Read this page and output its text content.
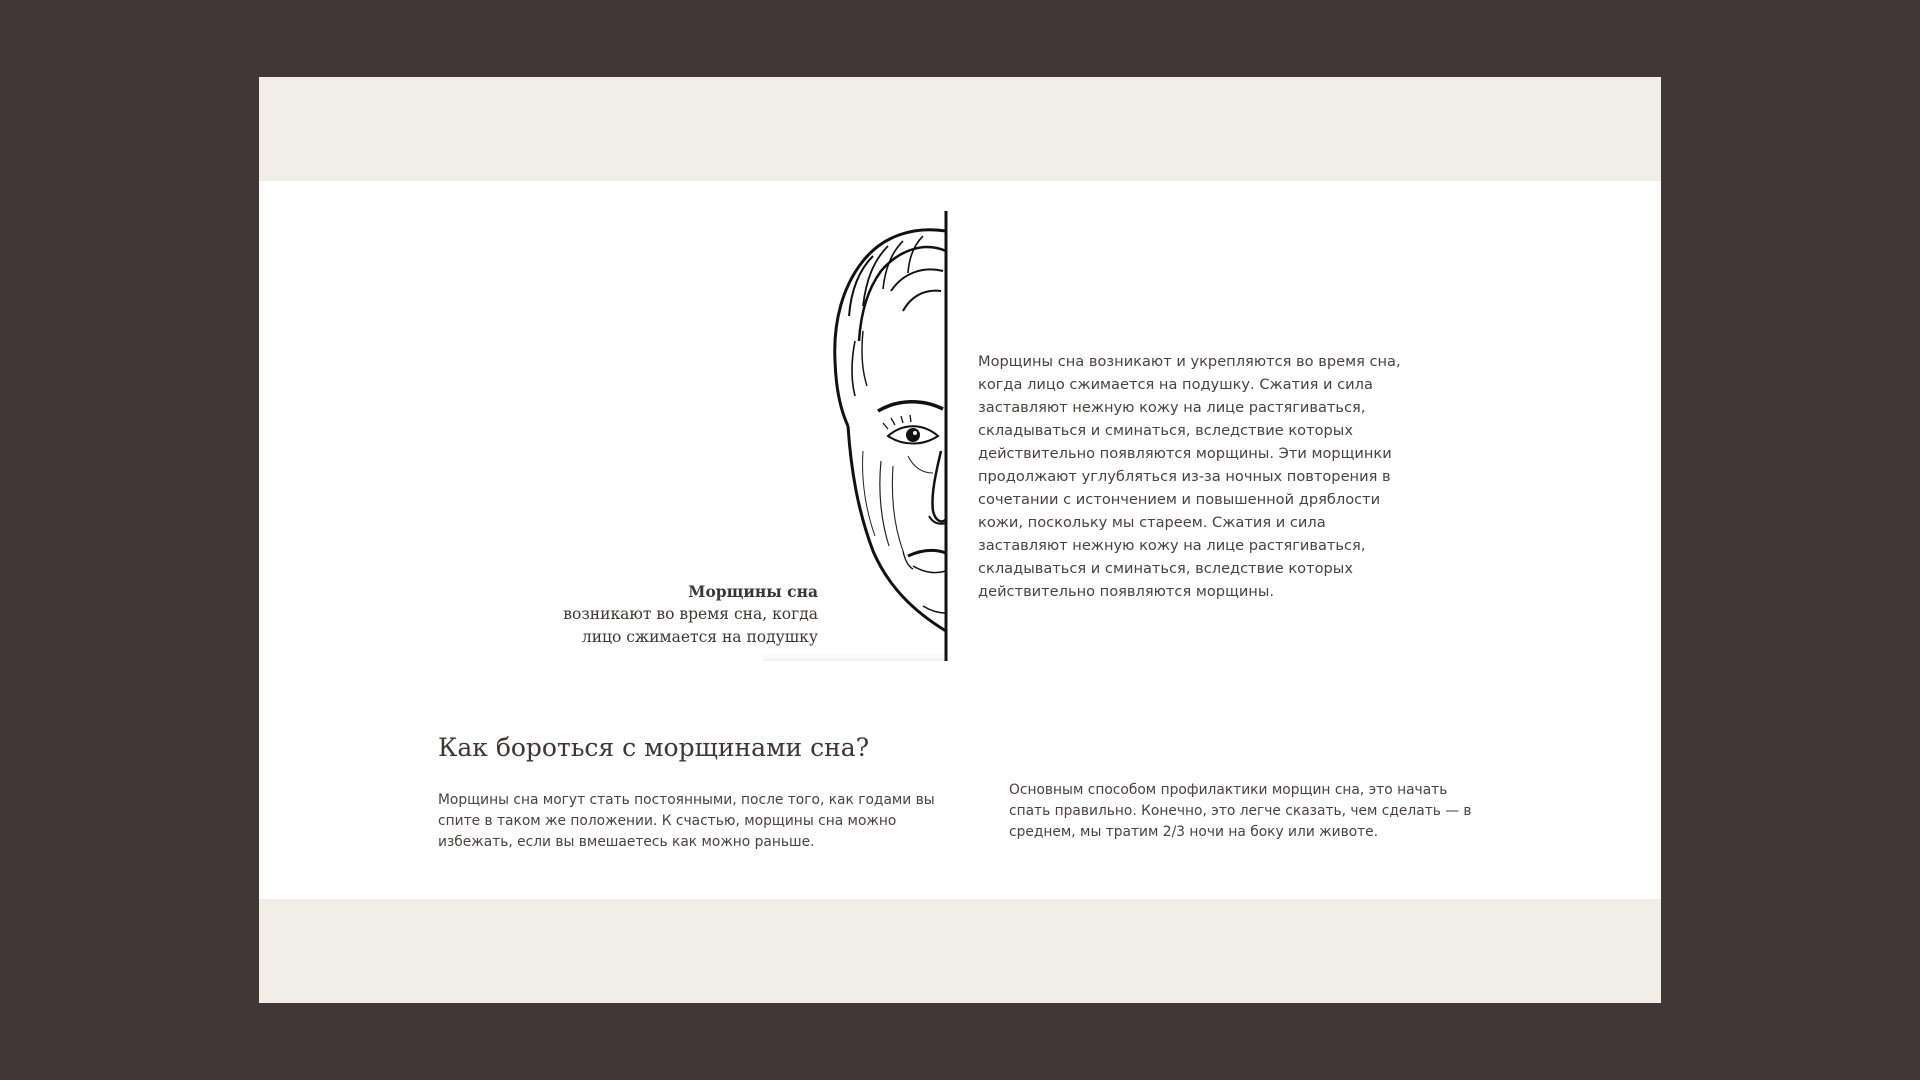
Морщины сна
возникают во время сна, когда лицо сжимается на подушку

Морщины сна возникают и укрепляются во время сна, когда лицо сжимается на подушку. Сжатия и сила заставляют нежную кожу на лице растягиваться, складываться и сминаться, вследствие которых действительно появляются морщины. Эти морщинки продолжают углубляться из-за ночных повторения в сочетании с истончением и повышенной дряблости кожи, поскольку мы стареем. Сжатия и сила заставляют нежную кожу на лице растягиваться, складываться и сминаться, вследствие которых действительно появляются морщины.

Как бороться с морщинами сна?

Морщины сна могут стать постоянными, после того, как годами вы спите в таком же положении. К счастью, морщины сна можно избежать, если вы вмешаетесь как можно раньше.

Основным способом профилактики морщин сна, это начать спать правильно. Конечно, это легче сказать, чем сделать — в среднем, мы тратим 2/3 ночи на боку или животе.
